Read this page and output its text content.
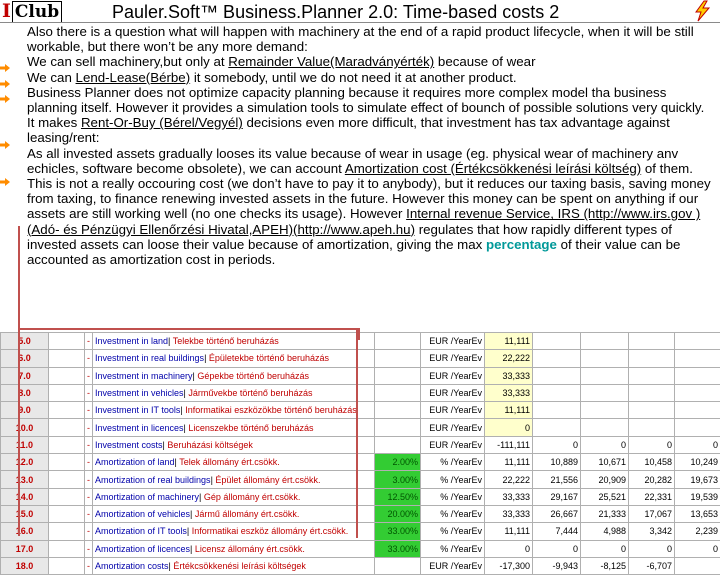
I Club	Pauler.Soft™ Business.Planner 2.0: Time-based costs 2

Also there is a question what will happen with machinery at the end of a rapid product lifecycle, when it will be still workable, but there won’t be any more demand:

We can sell machinery,but only at Remainder Value(Maradványérték) because of wear

We can Lend-Lease(Bérbe) it somebody, until we do not need it at another product.

Business Planner does not optimize capacity planning because it requires more complex model tha business planning itself. However it provides a simulation tools to simulate effect of bounch of possible solutions very quickly.

It makes Rent-Or-Buy (Bérel/Vegyél) decisions even more difficult, that investment has tax advantage against leasing/rent:

As all invested assets gradually looses its value because of wear in usage (eg. physical wear of machinery anv echicles, software become obsolete), we can account Amortization cost (Értékcsökkenési leírási költség) of them. This is not a really occouring cost (we don’t have to pay it to anybody), but it reduces our taxing basis, saving money from taxing, to finance renewing invested assets in the future. However this money can be spent on anything if our assets are still working well (no one checks its usage). However Internal revenue Service, IRS (http://www.irs.gov ) (Adó- és Pénzügyi Ellenőrzési Hivatal,APEH)(http://www.apeh.hu) regulates that how rapidly different types of invested assets can loose their value because of amortization, giving the max percentage of their value can be accounted as amortization cost in periods.

5.0		-	Investment in land| Telekbe történő beruházás		EUR /YearEv	11,111				
6.0		-	Investment in real buildings| Épületekbe történő beruházás		EUR /YearEv	22,222				
7.0		-	Investment in machinery| Gépekbe történő beruházás		EUR /YearEv	33,333				
8.0		-	Investment in vehicles| Járművekbe történő beruházás		EUR /YearEv	33,333				
9.0		-	Investment in IT tools| Informatikai eszközökbe történő beruházás		EUR /YearEv	11,111				
10.0		-	Investment in licences| Licenszekbe történő beruházás		EUR /YearEv	0				
11.0		-	Investment costs| Beruházási költségek		EUR /YearEv	-111,111	0	0	0	0
12.0		-	Amortization of land| Telek állomány ért.csökk.	2.00%	% /YearEv	11,111	10,889	10,671	10,458	10,249
13.0		-	Amortization of real buildings| Épület állomány ért.csökk.	3.00%	% /YearEv	22,222	21,556	20,909	20,282	19,673
14.0		-	Amortization of machinery| Gép állomány ért.csökk.	12.50%	% /YearEv	33,333	29,167	25,521	22,331	19,539
15.0		-	Amortization of vehicles| Jármű állomány ért.csökk.	20.00%	% /YearEv	33,333	26,667	21,333	17,067	13,653
16.0		-	Amortization of IT tools| Informatikai eszköz állomány ért.csökk.	33.00%	% /YearEv	11,111	7,444	4,988	3,342	2,239
17.0		-	Amortization of licences| Licensz állomány ért.csökk.	33.00%	% /YearEv	0	0	0	0	0
18.0		-	Amortization costs| Értékcsökkenési leírási költségek		EUR /YearEv	-17,300	-9,943	-8,125	-6,707	
